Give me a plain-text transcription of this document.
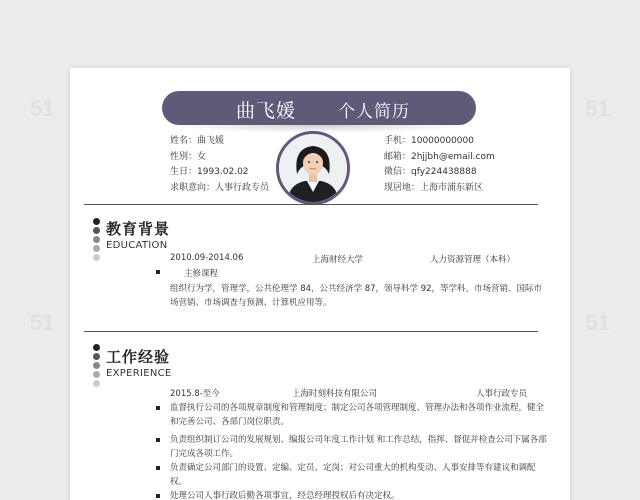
51	51
51	51
曲飞媛 个人简历
姓名：曲飞媛
性别：女
生日：1993.02.02
求职意向：人事行政专员
手机：10000000000
邮箱：2hjjbh@email.com
微信：qfy224438888
现居地：上海市浦东新区
教育背景
EDUCATION
2010.09-2014.06	上海财经大学	人力资源管理（本科）
主修课程
组织行为学，管理学，公共伦理学 84，公共经济学 87，领导科学 92，等学科。市场营销、国际市场营销、市场调查与预测、计算机应用等。
工作经验
EXPERIENCE
2015.8-至今	上海时刻科技有限公司	人事行政专员
监督执行公司的各项规章制度和管理制度；制定公司各项管理制度、管理办法和各项作业流程，健全和完善公司、各部门岗位职责。
负责组织制订公司的发展规划、编报公司年度工作计划 和工作总结，指挥、督促并检查公司下属各部门完成各项工作。
负责确定公司部门的设置、定编、定员、定岗；对公司重大的机构变动、人事安排等有建议和调配权。
处理公司人事行政后勤各项事宜，经总经理授权后有决定权。
